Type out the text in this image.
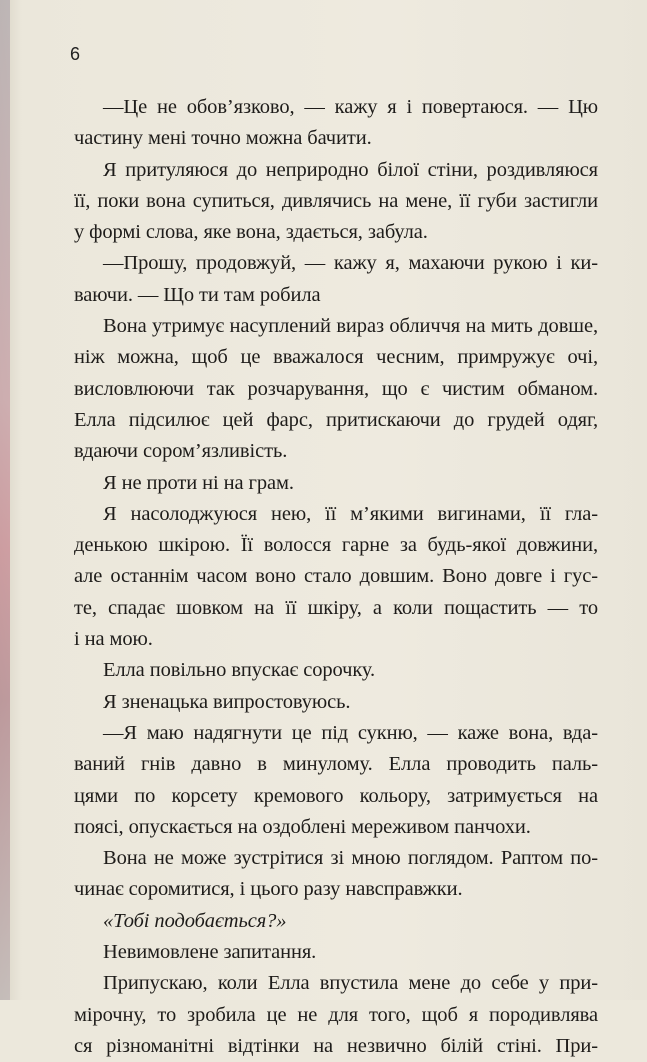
6
—Це не обов’язково, — кажу я і повертаюся. — Цю
частину мені точно можна бачити.
Я притуляюся до неприродно білої стіни, роздивляюся
її, поки вона супиться, дивлячись на мене, її губи застигли
у формі слова, яке вона, здається, забула.
—Прошу, продовжуй, — кажу я, махаючи рукою і ки-
ваючи. — Що ти там робила
Вона утримує насуплений вираз обличчя на мить довше,
ніж можна, щоб це вважалося чесним, примружує очі,
висловлюючи так розчарування, що є чистим обманом.
Елла підсилює цей фарс, притискаючи до грудей одяг,
вдаючи сором’язливість.
Я не проти ні на грам.
Я насолоджуюся нею, її м’якими вигинами, її гла-
денькою шкірою. Її волосся гарне за будь-якої довжини,
але останнім часом воно стало довшим. Воно довге і гус-
те, спадає шовком на її шкіру, а коли пощастить — то
і на мою.
Елла повільно впускає сорочку.
Я зненацька випростовуюсь.
—Я маю надягнути це під сукню, — каже вона, вда-
ваний гнів давно в минулому. Елла проводить паль-
цями по корсету кремового кольору, затримується на
поясі, опускається на оздоблені мереживом панчохи.
Вона не може зустрітися зі мною поглядом. Раптом по-
чинає соромитися, і цього разу навсправжки.
«Тобі подобається?»
Невимовлене запитання.
Припускаю, коли Елла впустила мене до себе у при-
мірочну, то зробила це не для того, щоб я породивлява
ся різноманітні відтінки на незвично білій стіні. При-
